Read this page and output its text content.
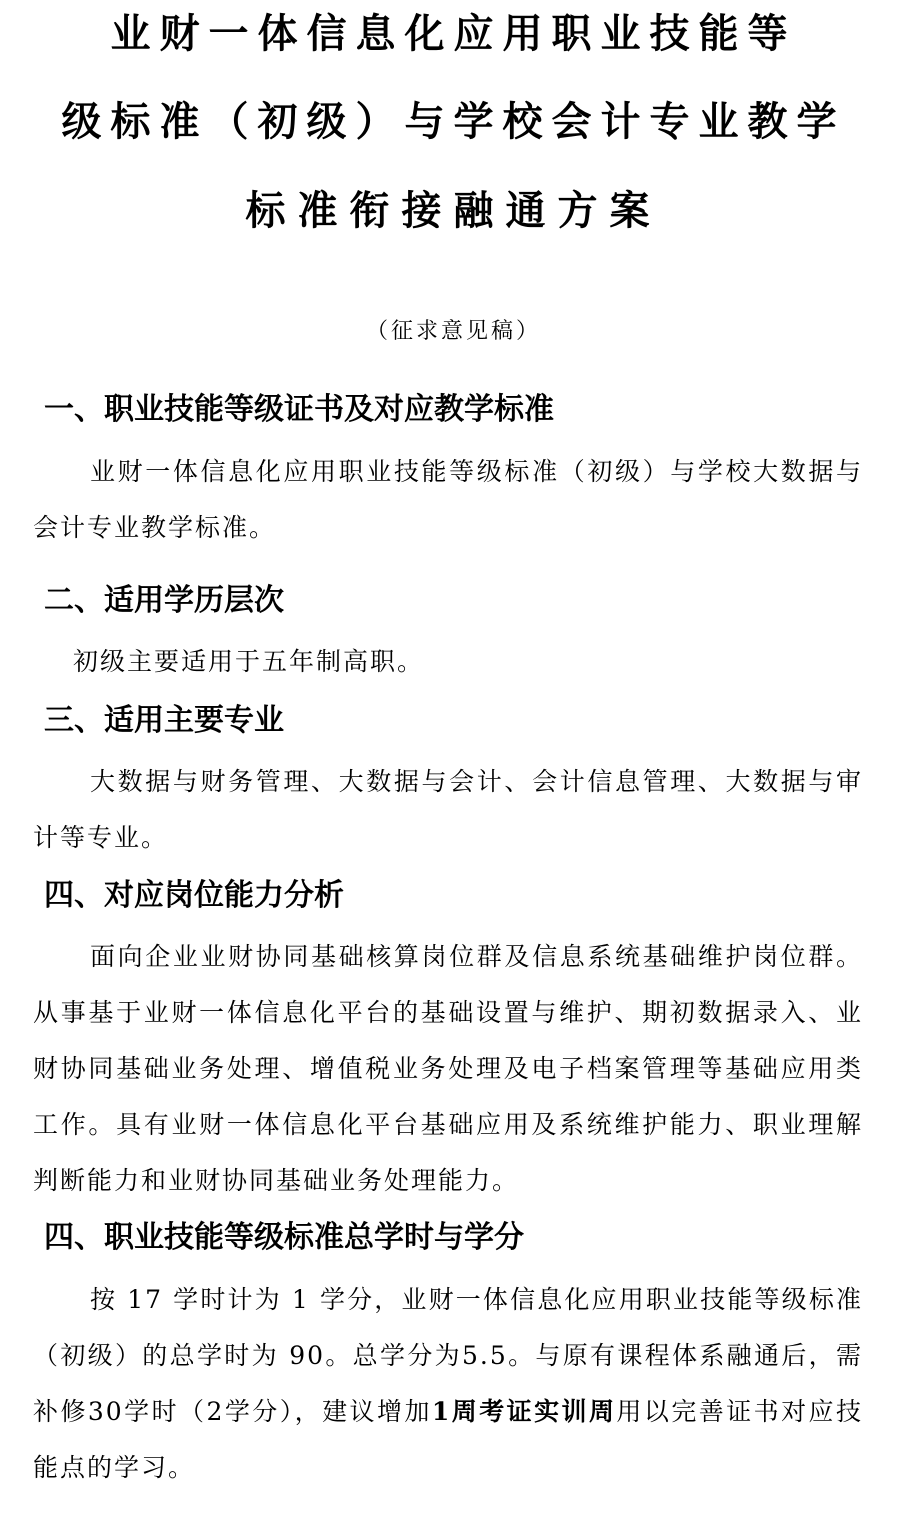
业财一体信息化应用职业技能等
级标准（初级）与学校会计专业教学
标准衔接融通方案
（征求意见稿）
一、职业技能等级证书及对应教学标准
业财一体信息化应用职业技能等级标准（初级）与学校大数据与会计专业教学标准。
二、适用学历层次
初级主要适用于五年制高职。
三、适用主要专业
大数据与财务管理、大数据与会计、会计信息管理、大数据与审计等专业。
四、对应岗位能力分析
面向企业业财协同基础核算岗位群及信息系统基础维护岗位群。从事基于业财一体信息化平台的基础设置与维护、期初数据录入、业财协同基础业务处理、增值税业务处理及电子档案管理等基础应用类工作。具有业财一体信息化平台基础应用及系统维护能力、职业理解判断能力和业财协同基础业务处理能力。
四、职业技能等级标准总学时与学分
按 17 学时计为 1 学分，业财一体信息化应用职业技能等级标准（初级）的总学时为 90。总学分为5.5。与原有课程体系融通后，需补修30学时（2学分），建议增加1周考证实训周用以完善证书对应技能点的学习。
